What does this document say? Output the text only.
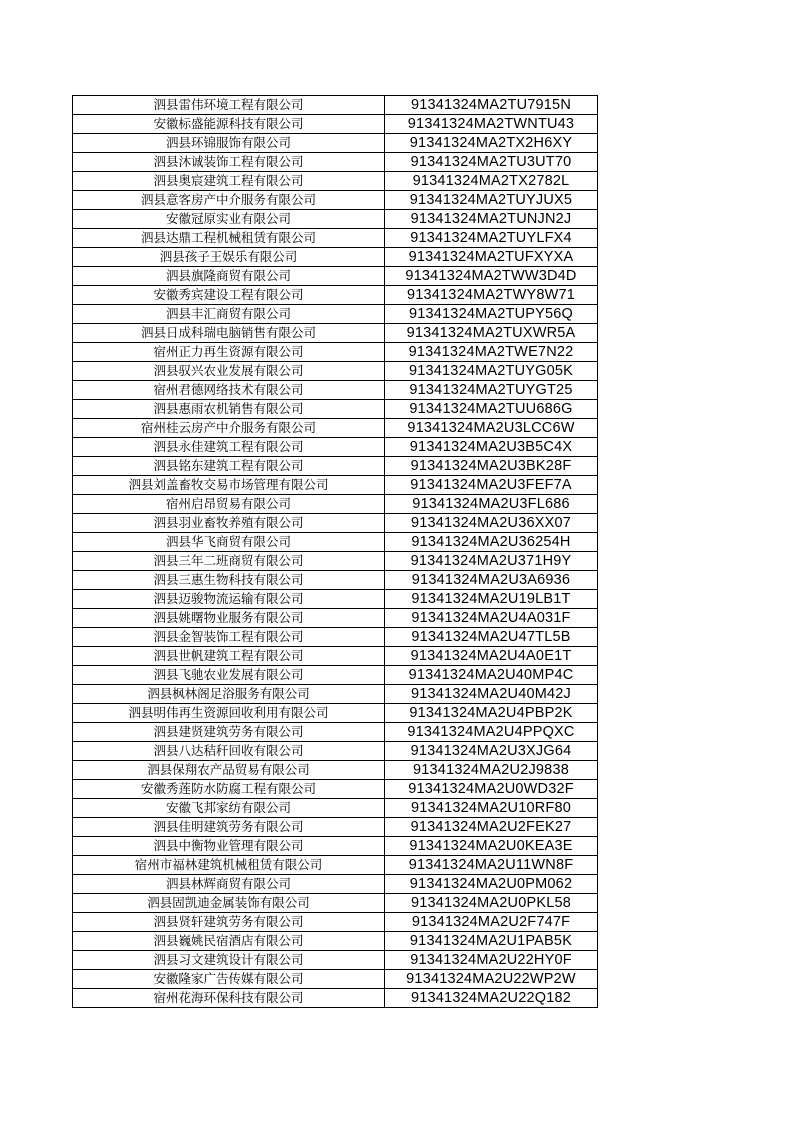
泗县雷伟环境工程有限公司	91341324MA2TU7915N
安徽标盛能源科技有限公司	91341324MA2TWNTU43
泗县环锦服饰有限公司	91341324MA2TX2H6XY
泗县沐诚装饰工程有限公司	91341324MA2TU3UT70
泗县奥宸建筑工程有限公司	91341324MA2TX2782L
泗县意客房产中介服务有限公司	91341324MA2TUYJUX5
安徽冠原实业有限公司	91341324MA2TUNJN2J
泗县达鼎工程机械租赁有限公司	91341324MA2TUYLFX4
泗县孩子王娱乐有限公司	91341324MA2TUFXYXA
泗县旗隆商贸有限公司	91341324MA2TWW3D4D
安徽秀宾建设工程有限公司	91341324MA2TWY8W71
泗县丰汇商贸有限公司	91341324MA2TUPY56Q
泗县日成科瑞电脑销售有限公司	91341324MA2TUXWR5A
宿州正力再生资源有限公司	91341324MA2TWE7N22
泗县驭兴农业发展有限公司	91341324MA2TUYG05K
宿州君德网络技术有限公司	91341324MA2TUYGT25
泗县惠雨农机销售有限公司	91341324MA2TUU686G
宿州桂云房产中介服务有限公司	91341324MA2U3LCC6W
泗县永佳建筑工程有限公司	91341324MA2U3B5C4X
泗县铭东建筑工程有限公司	91341324MA2U3BK28F
泗县刘盖畜牧交易市场管理有限公司	91341324MA2U3FEF7A
宿州启昂贸易有限公司	91341324MA2U3FL686
泗县羽业畜牧养殖有限公司	91341324MA2U36XX07
泗县华飞商贸有限公司	91341324MA2U36254H
泗县三年二班商贸有限公司	91341324MA2U371H9Y
泗县三惠生物科技有限公司	91341324MA2U3A6936
泗县迈骏物流运输有限公司	91341324MA2U19LB1T
泗县姚曙物业服务有限公司	91341324MA2U4A031F
泗县金智装饰工程有限公司	91341324MA2U47TL5B
泗县世帆建筑工程有限公司	91341324MA2U4A0E1T
泗县飞驰农业发展有限公司	91341324MA2U40MP4C
泗县枫林阁足浴服务有限公司	91341324MA2U40M42J
泗县明伟再生资源回收利用有限公司	91341324MA2U4PBP2K
泗县建贤建筑劳务有限公司	91341324MA2U4PPQXC
泗县八达秸秆回收有限公司	91341324MA2U3XJG64
泗县保翔农产品贸易有限公司	91341324MA2U2J9838
安徽秀莲防水防腐工程有限公司	91341324MA2U0WD32F
安徽飞邦家纺有限公司	91341324MA2U10RF80
泗县佳明建筑劳务有限公司	91341324MA2U2FEK27
泗县中衡物业管理有限公司	91341324MA2U0KEA3E
宿州市福林建筑机械租赁有限公司	91341324MA2U11WN8F
泗县林辉商贸有限公司	91341324MA2U0PM062
泗县固凯迪金属装饰有限公司	91341324MA2U0PKL58
泗县贤轩建筑劳务有限公司	91341324MA2U2F747F
泗县巍姚民宿酒店有限公司	91341324MA2U1PAB5K
泗县习文建筑设计有限公司	91341324MA2U22HY0F
安徽隆家广告传媒有限公司	91341324MA2U22WP2W
宿州花海环保科技有限公司	91341324MA2U22Q182
